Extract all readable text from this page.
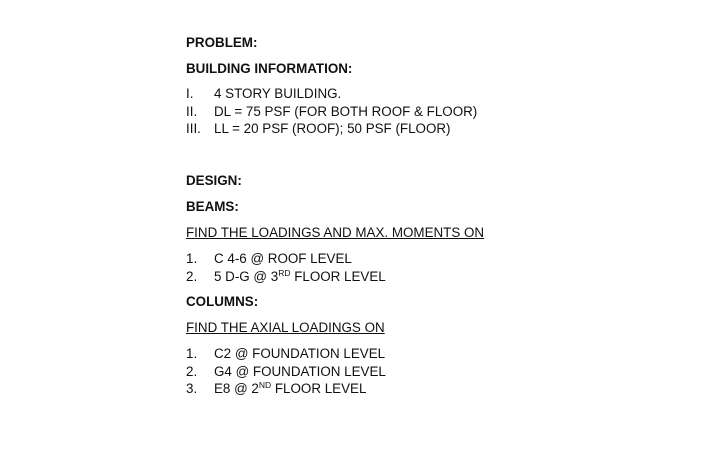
PROBLEM:

BUILDING INFORMATION:

I.	4 STORY BUILDING.
II.	DL = 75 PSF (FOR BOTH ROOF & FLOOR)
III. LL = 20 PSF (ROOF); 50 PSF (FLOOR)

DESIGN:

BEAMS:

FIND THE LOADINGS AND MAX. MOMENTS ON

1.	C 4-6 @ ROOF LEVEL
2.	5 D-G @ 3RD FLOOR LEVEL

COLUMNS:

FIND THE AXIAL LOADINGS ON

1.	C2 @ FOUNDATION LEVEL
2.	G4 @ FOUNDATION LEVEL
3.	E8 @ 2ND FLOOR LEVEL
